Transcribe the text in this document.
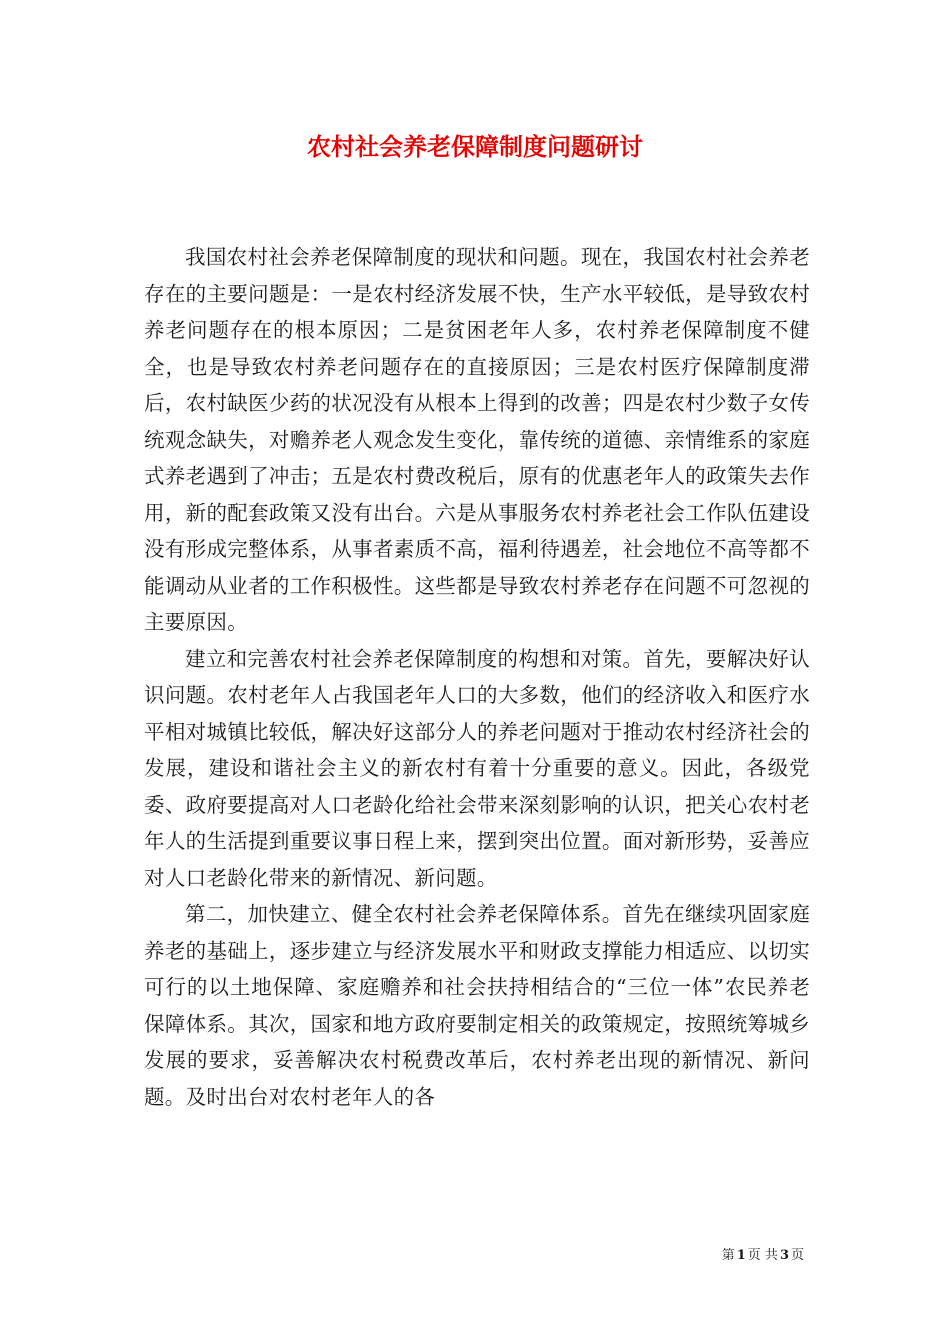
农村社会养老保障制度问题研讨

我国农村社会养老保障制度的现状和问题。现在，我国农村社会养老存在的主要问题是：一是农村经济发展不快，生产水平较低，是导致农村养老问题存在的根本原因；二是贫困老年人多，农村养老保障制度不健全，也是导致农村养老问题存在的直接原因；三是农村医疗保障制度滞后，农村缺医少药的状况没有从根本上得到的改善；四是农村少数子女传统观念缺失，对赡养老人观念发生变化，靠传统的道德、亲情维系的家庭式养老遇到了冲击；五是农村费改税后，原有的优惠老年人的政策失去作用，新的配套政策又没有出台。六是从事服务农村养老社会工作队伍建设没有形成完整体系，从事者素质不高，福利待遇差，社会地位不高等都不能调动从业者的工作积极性。这些都是导致农村养老存在问题不可忽视的主要原因。

建立和完善农村社会养老保障制度的构想和对策。首先，要解决好认识问题。农村老年人占我国老年人口的大多数，他们的经济收入和医疗水平相对城镇比较低，解决好这部分人的养老问题对于推动农村经济社会的发展，建设和谐社会主义的新农村有着十分重要的意义。因此，各级党委、政府要提高对人口老龄化给社会带来深刻影响的认识，把关心农村老年人的生活提到重要议事日程上来，摆到突出位置。面对新形势，妥善应对人口老龄化带来的新情况、新问题。

第二，加快建立、健全农村社会养老保障体系。首先在继续巩固家庭养老的基础上，逐步建立与经济发展水平和财政支撑能力相适应、以切实可行的以土地保障、家庭赡养和社会扶持相结合的“三位一体”农民养老保障体系。其次，国家和地方政府要制定相关的政策规定，按照统筹城乡发展的要求，妥善解决农村税费改革后，农村养老出现的新情况、新问题。及时出台对农村老年人的各

第 1 页 共 3 页
